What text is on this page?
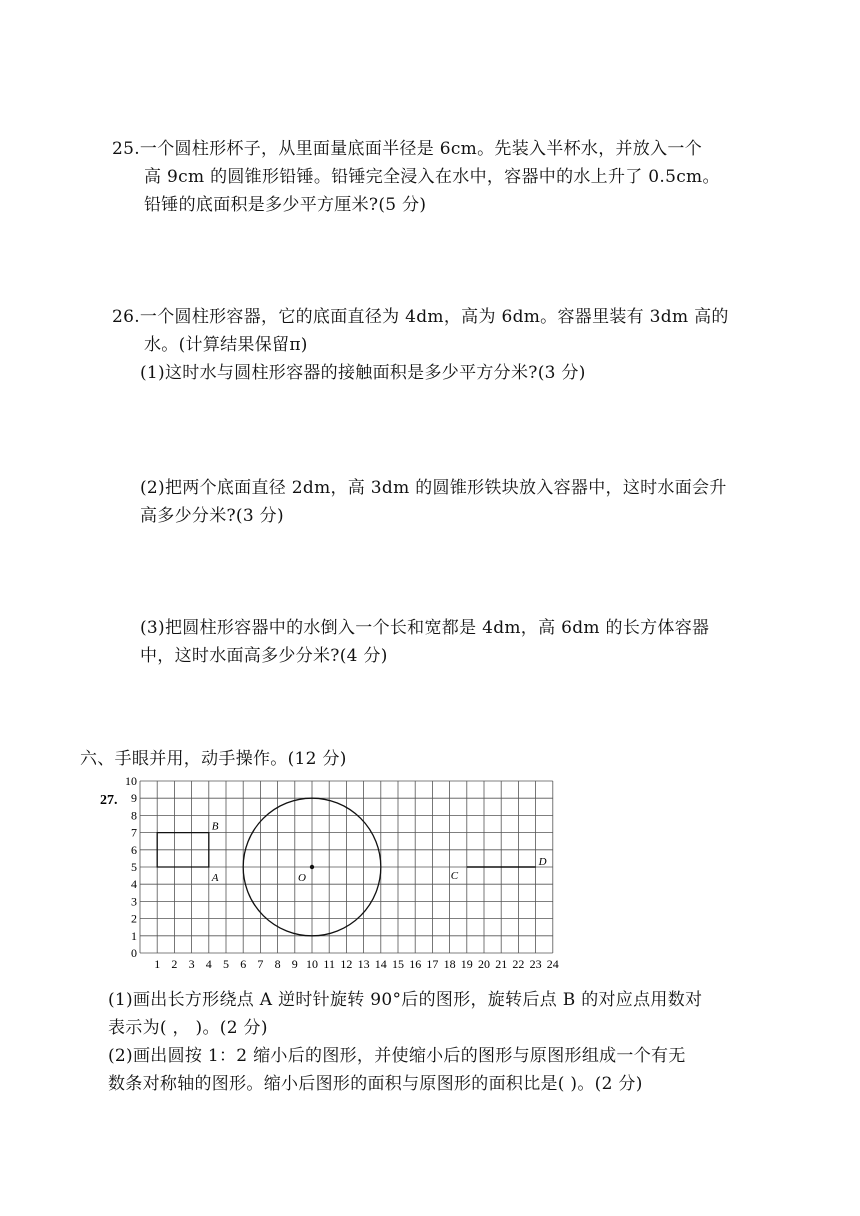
25.一个圆柱形杯子，从里面量底面半径是 6cm。先装入半杯水，并放入一个
高 9cm 的圆锥形铅锤。铅锤完全浸入在水中，容器中的水上升了 0.5cm。
铅锤的底面积是多少平方厘米?(5 分)
26.一个圆柱形容器，它的底面直径为 4dm，高为 6dm。容器里装有 3dm 高的
水。(计算结果保留π)
(1)这时水与圆柱形容器的接触面积是多少平方分米?(3 分)
(2)把两个底面直径 2dm，高 3dm 的圆锥形铁块放入容器中，这时水面会升
高多少分米?(3 分)
(3)把圆柱形容器中的水倒入一个长和宽都是 4dm，高 6dm 的长方体容器
中，这时水面高多少分米?(4 分)
六、手眼并用，动手操作。(12 分)
27.
0
1
2
3
4
5
6
7
8
9
10
1 2 3 4 5 6 7 8 9 10 11 12 13 14 15 16 17 18 19 20 21 22 23 24
A
B
C
D
O
(1)画出长方形绕点 A 逆时针旋转 90°后的图形，旋转后点 B 的对应点用数对
表示为( ， )。(2 分)
(2)画出圆按 1：2 缩小后的图形，并使缩小后的图形与原图形组成一个有无
数条对称轴的图形。缩小后图形的面积与原图形的面积比是( )。(2 分)
